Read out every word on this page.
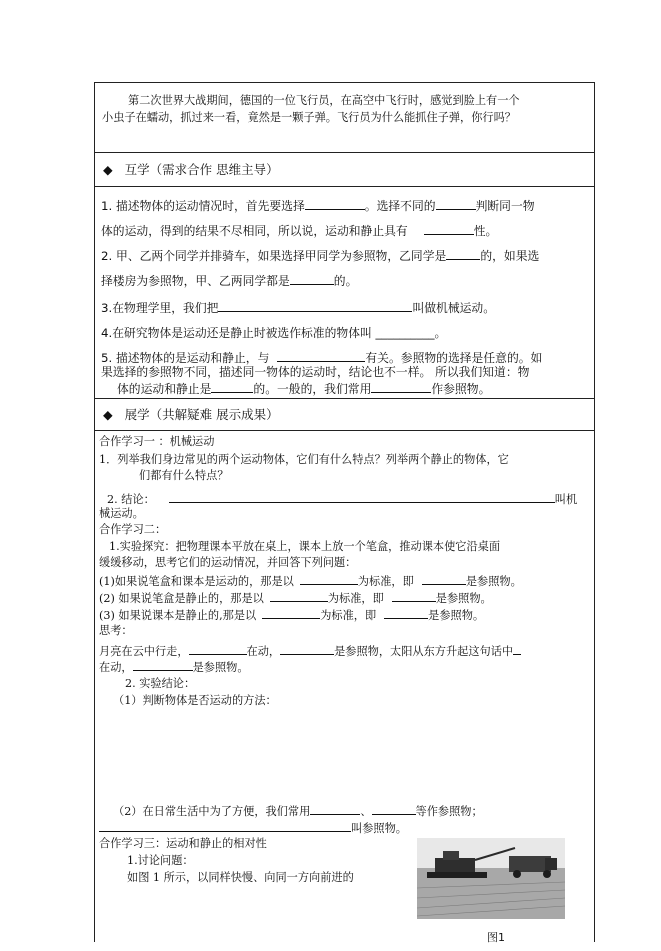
第二次世界大战期间，德国的一位飞行员，在高空中飞行时，感觉到脸上有一个
小虫子在蠕动，抓过来一看，竟然是一颗子弹。飞行员为什么能抓住子弹，你行吗？
◆ 互学（需求合作 思维主导）
1. 描述物体的运动情况时，首先要选择	。选择不同的	判断同一物
体的运动，得到的结果不尽相同，所以说，运动和静止具有	性。
2. 甲、乙两个同学并排骑车，如果选择甲同学为参照物，乙同学是	的，如果选
择楼房为参照物，甲、乙两同学都是	的。
3.在物理学里，我们把	叫做机械运动。
4.在研究物体是运动还是静止时被选作标准的物体叫 __________。
5. 描述物体的是运动和静止，与	有关。参照物的选择是任意的。如
果选择的参照物不同，描述同一物体的运动时，结论也不一样。 所以我们知道：物
体的运动和静止是	的。一般的，我们常用	作参照物。
◆ 展学（共解疑难 展示成果）
合作学习一 ：机械运动
1．列举我们身边常见的两个运动物体，它们有什么特点？列举两个静止的物体，它
们都有什么特点？
2. 结论：	叫机
械运动。
合作学习二：
1.实验探究：把物理课本平放在桌上，课本上放一个笔盒，推动课本使它沿桌面
缓缓移动，思考它们的运动情况，并回答下列问题：
(1)如果说笔盒和课本是运动的，那是以	为标准，即	是参照物。
(2) 如果说笔盒是静止的，那是以	为标准，即	是参照物。
(3) 如果说课本是静止的,那是以	为标准，即	是参照物。
思考：
月亮在云中行走，	在动，	是参照物，太阳从东方升起这句话中
在动，	是参照物。
2. 实验结论：
（1）判断物体是否运动的方法：
（2）在日常生活中为了方便，我们常用	、	等作参照物；
叫参照物。
合作学习三：运动和静止的相对性
1.讨论问题：
如图 1 所示，以同样快慢、向同一方向前进的
图1
